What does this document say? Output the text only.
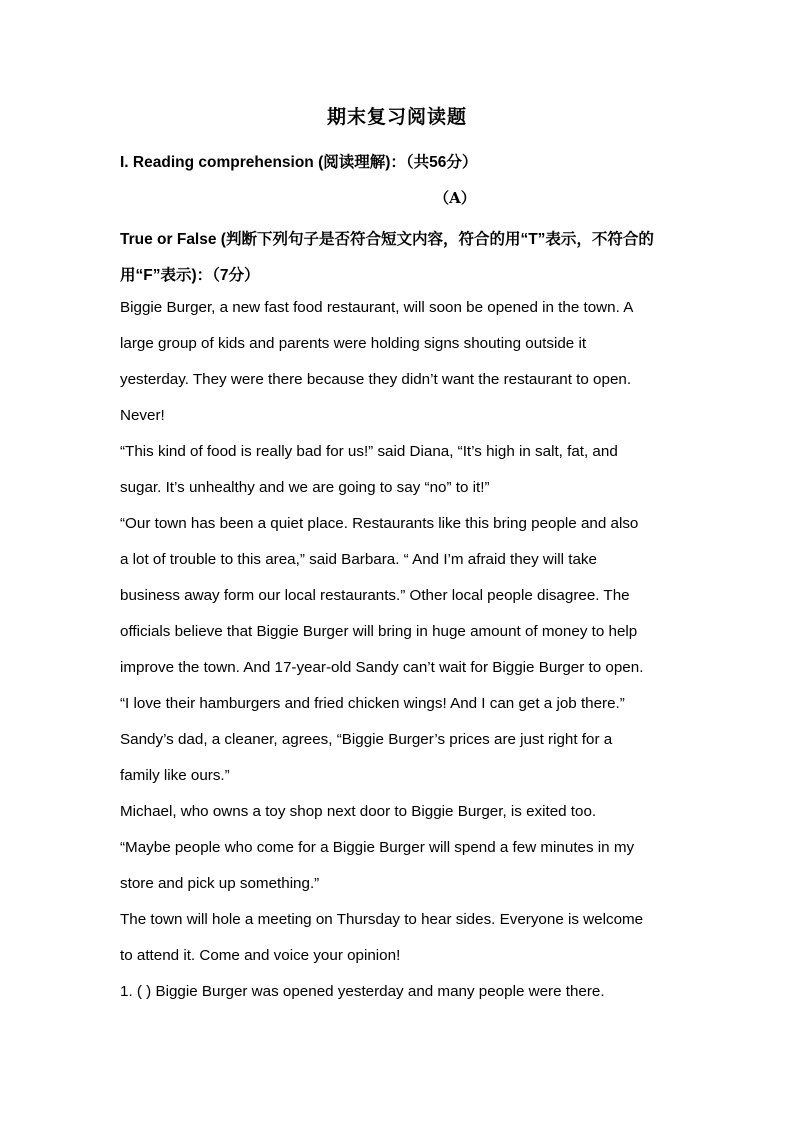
期末复习阅读题
I. Reading comprehension (阅读理解)：（共56分）
（A）
True or False (判断下列句子是否符合短文内容，符合的用“T”表示，不符合的用“F”表示)：（7分）
Biggie Burger, a new fast food restaurant, will soon be opened in the town. A
large group of kids and parents were holding signs shouting outside it
yesterday. They were there because they didn’t want the restaurant to open.
Never!
“This kind of food is really bad for us!” said Diana, “It’s high in salt, fat, and
sugar. It’s unhealthy and we are going to say “no” to it!”
“Our town has been a quiet place. Restaurants like this bring people and also
a lot of trouble to this area,” said Barbara. “ And I’m afraid they will take
business away form our local restaurants.” Other local people disagree. The
officials believe that Biggie Burger will bring in huge amount of money to help
improve the town. And 17-year-old Sandy can’t wait for Biggie Burger to open.
“I love their hamburgers and fried chicken wings! And I can get a job there.”
Sandy’s dad, a cleaner, agrees, “Biggie Burger’s prices are just right for a
family like ours.”
Michael, who owns a toy shop next door to Biggie Burger, is exited too.
“Maybe people who come for a Biggie Burger will spend a few minutes in my
store and pick up something.”
The town will hole a meeting on Thursday to hear sides. Everyone is welcome
to attend it. Come and voice your opinion!
1. ( ) Biggie Burger was opened yesterday and many people were there.
